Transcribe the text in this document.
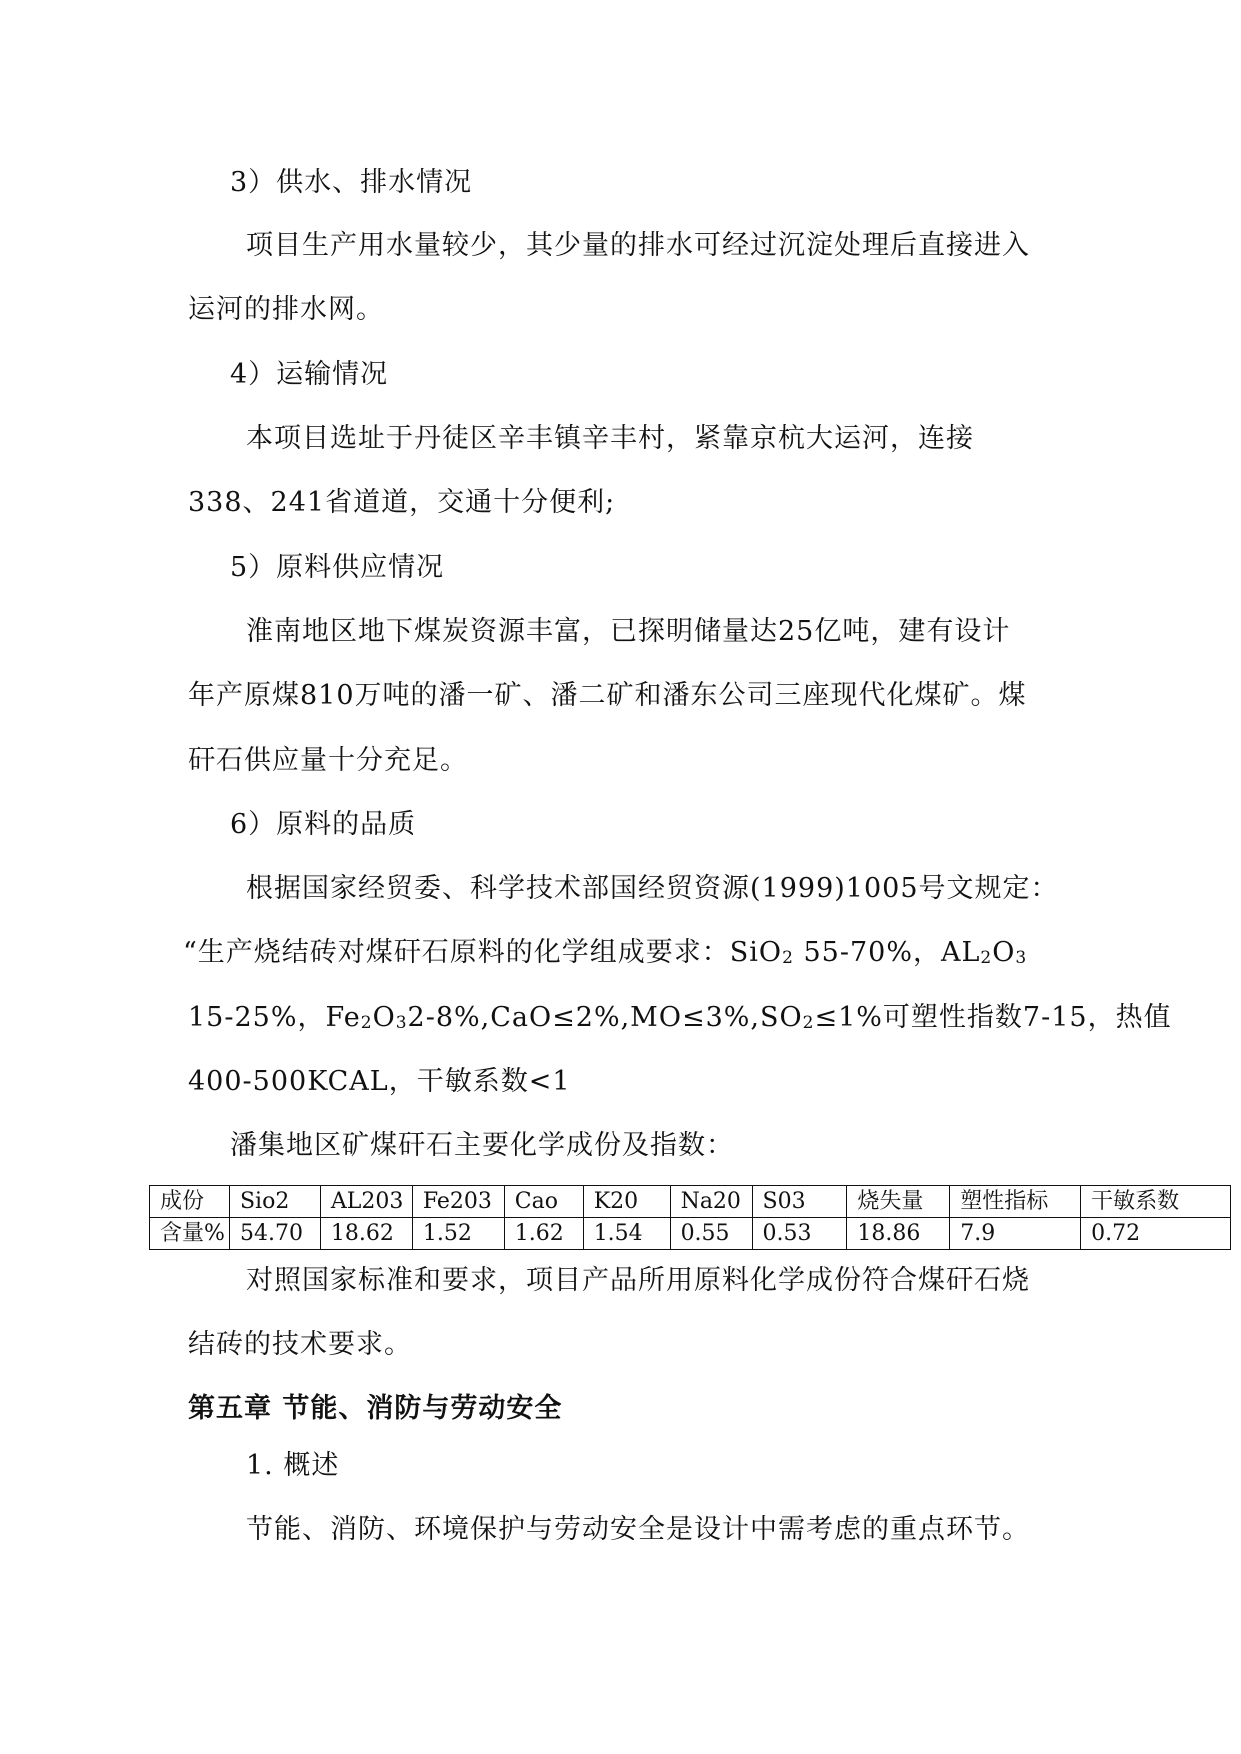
3）供水、排水情况
项目生产用水量较少，其少量的排水可经过沉淀处理后直接进入
运河的排水网。
4）运输情况
本项目选址于丹徒区辛丰镇辛丰村，紧靠京杭大运河，连接
338、241省道道，交通十分便利;
5）原料供应情况
淮南地区地下煤炭资源丰富，已探明储量达25亿吨，建有设计
年产原煤810万吨的潘一矿、潘二矿和潘东公司三座现代化煤矿。煤
矸石供应量十分充足。
6）原料的品质
根据国家经贸委、科学技术部国经贸资源(1999)1005号文规定：
“生产烧结砖对煤矸石原料的化学组成要求：SiO$_2$ 55-70%，$AL_2O_3$
15-25%，$Fe_2O_32-8\%,CaO\le 2\%,MO\le 3\%,SO_2\le 1\%$可塑性指数7-15，热值
400-500KCAL，干敏系数<1
潘集地区矿煤矸石主要化学成份及指数：
成份	Sio2	AL203	Fe203	Cao	K20	Na20	S03	烧失量	塑性指标	干敏系数
含量%	54.70	18.62	1.52	1.62	1.54	0.55	0.53	18.86	7.9	0.72
对照国家标准和要求，项目产品所用原料化学成份符合煤矸石烧
结砖的技术要求。
第五章 节能、消防与劳动安全
1. 概述
节能、消防、环境保护与劳动安全是设计中需考虑的重点环节。
